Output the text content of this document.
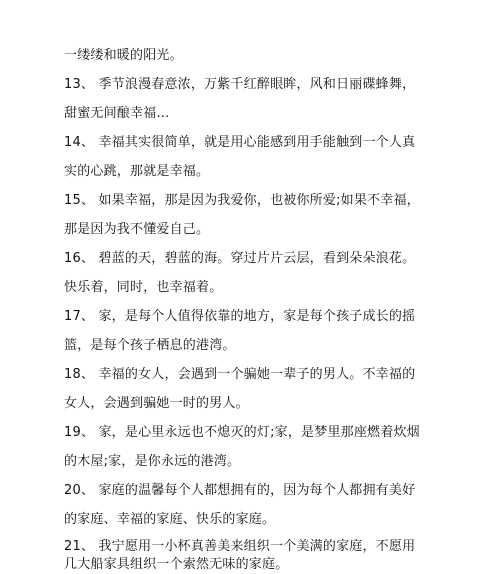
一缕缕和暖的阳光。
13、 季节浪漫春意浓，万紫千红醉眼眸，风和日丽碟蜂舞，
甜蜜无间酿幸福…
14、 幸福其实很简单，就是用心能感到用手能触到一个人真
实的心跳，那就是幸福。
15、 如果幸福，那是因为我爱你，也被你所爱;如果不幸福，
那是因为我不懂爱自己。
16、 碧蓝的天，碧蓝的海。穿过片片云层，看到朵朵浪花。
快乐着，同时，也幸福着。
17、 家，是每个人值得依靠的地方，家是每个孩子成长的摇
篮，是每个孩子栖息的港湾。
18、 幸福的女人，会遇到一个骗她一辈子的男人。不幸福的
女人，会遇到骗她一时的男人。
19、 家，是心里永远也不熄灭的灯;家，是梦里那座燃着炊烟
的木屋;家，是你永远的港湾。
20、 家庭的温馨每个人都想拥有的，因为每个人都拥有美好
的家庭、幸福的家庭、快乐的家庭。
21、 我宁愿用一小杯真善美来组织一个美满的家庭，不愿用
几大船家具组织一个索然无味的家庭。
